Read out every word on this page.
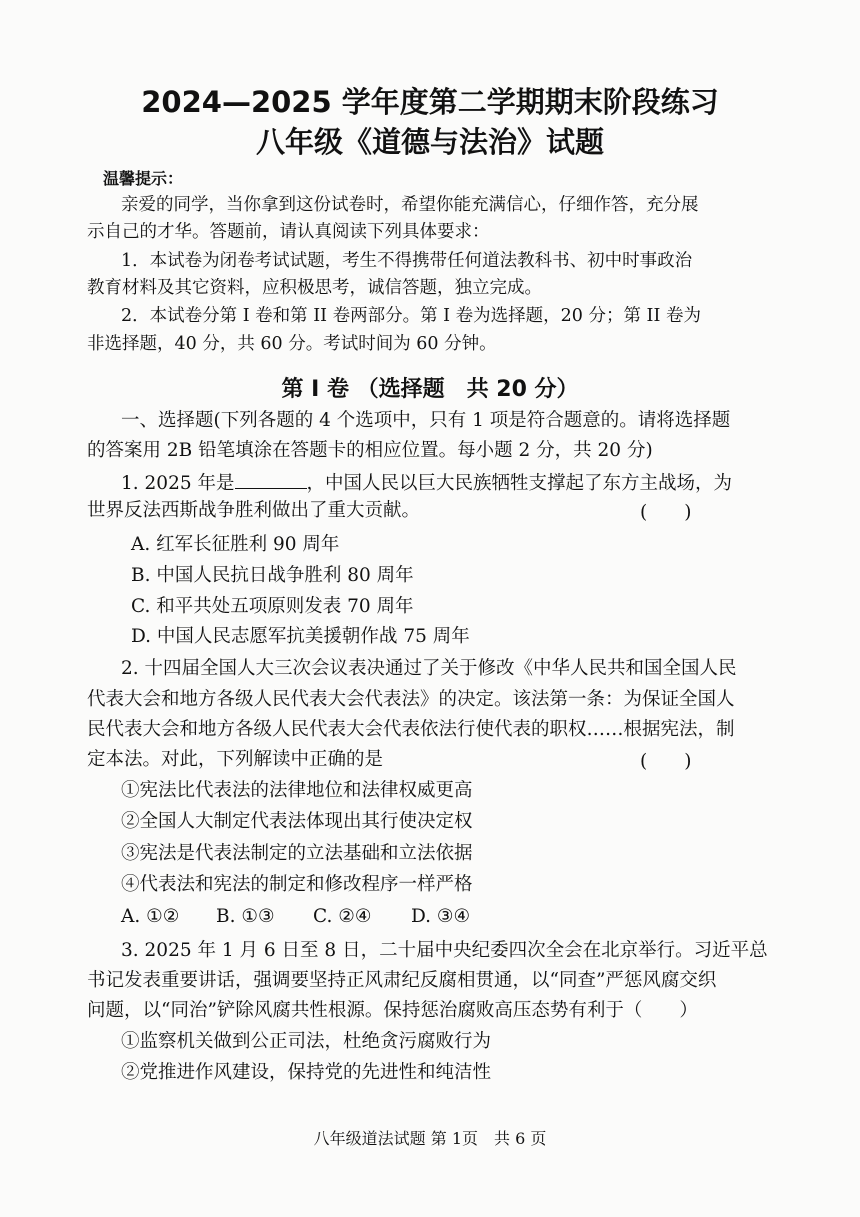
2024—2025 学年度第二学期期末阶段练习
八年级《道德与法治》试题
温馨提示：
亲爱的同学，当你拿到这份试卷时，希望你能充满信心，仔细作答，充分展
示自己的才华。答题前，请认真阅读下列具体要求：
1．本试卷为闭卷考试试题，考生不得携带任何道法教科书、初中时事政治
教育材料及其它资料，应积极思考，诚信答题，独立完成。
2．本试卷分第 I 卷和第 II 卷两部分。第 I 卷为选择题，20 分；第 II 卷为
非选择题，40 分，共 60 分。考试时间为 60 分钟。
第 I 卷 （选择题　共 20 分）
一、选择题(下列各题的 4 个选项中，只有 1 项是符合题意的。请将选择题
的答案用 2B 铅笔填涂在答题卡的相应位置。每小题 2 分，共 20 分)
1. 2025 年是	，中国人民以巨大民族牺牲支撑起了东方主战场，为
世界反法西斯战争胜利做出了重大贡献。	(　　)
A. 红军长征胜利 90 周年
B. 中国人民抗日战争胜利 80 周年
C. 和平共处五项原则发表 70 周年
D. 中国人民志愿军抗美援朝作战 75 周年
2. 十四届全国人大三次会议表决通过了关于修改《中华人民共和国全国人民
代表大会和地方各级人民代表大会代表法》的决定。该法第一条：为保证全国人
民代表大会和地方各级人民代表大会代表依法行使代表的职权……根据宪法，制
定本法。对此，下列解读中正确的是	(　　)
①宪法比代表法的法律地位和法律权威更高
②全国人大制定代表法体现出其行使决定权
③宪法是代表法制定的立法基础和立法依据
④代表法和宪法的制定和修改程序一样严格
A. ①② B. ①③ C. ②④ D. ③④
3. 2025 年 1 月 6 日至 8 日，二十届中央纪委四次全会在北京举行。习近平总
书记发表重要讲话，强调要坚持正风肃纪反腐相贯通，以“同查”严惩风腐交织
问题，以“同治”铲除风腐共性根源。保持惩治腐败高压态势有利于（　　）
①监察机关做到公正司法，杜绝贪污腐败行为
②党推进作风建设，保持党的先进性和纯洁性
八年级道法试题 第 1页　共 6 页
